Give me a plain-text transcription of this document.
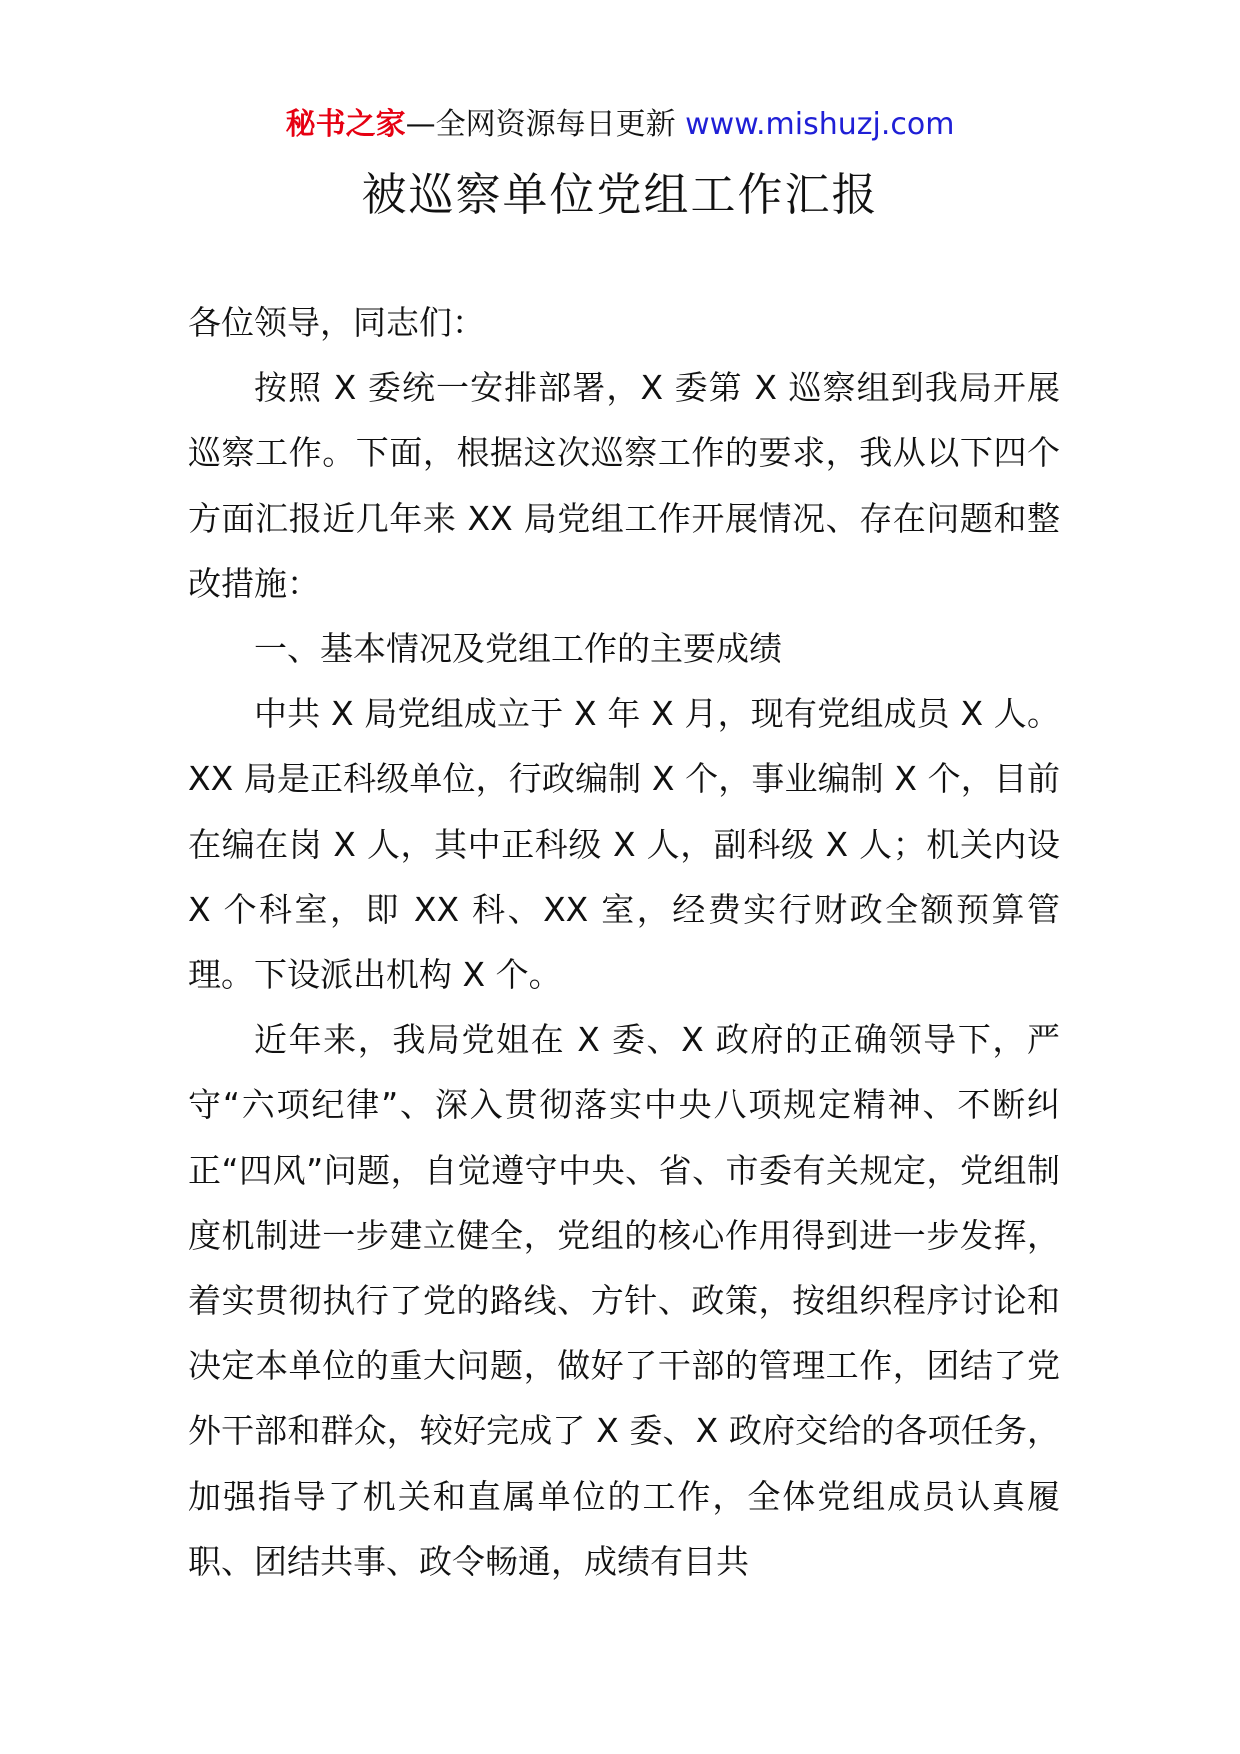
秘书之家—全网资源每日更新 www.mishuzj.com
被巡察单位党组工作汇报

各位领导，同志们：

按照 X 委统一安排部署，X 委第 X 巡察组到我局开展巡察工作。下面，根据这次巡察工作的要求，我从以下四个方面汇报近几年来 XX 局党组工作开展情况、存在问题和整改措施：

一、基本情况及党组工作的主要成绩

中共 X 局党组成立于 X 年 X 月，现有党组成员 X 人。XX 局是正科级单位，行政编制 X 个，事业编制 X 个，目前在编在岗 X 人，其中正科级 X 人，副科级 X 人；机关内设 X 个科室，即 XX 科、XX 室，经费实行财政全额预算管理。下设派出机构 X 个。

近年来，我局党姐在 X 委、X 政府的正确领导下，严守“六项纪律”、深入贯彻落实中央八项规定精神、不断纠正“四风”问题，自觉遵守中央、省、市委有关规定，党组制度机制进一步建立健全，党组的核心作用得到进一步发挥，着实贯彻执行了党的路线、方针、政策，按组织程序讨论和决定本单位的重大问题，做好了干部的管理工作，团结了党外干部和群众，较好完成了 X 委、X 政府交给的各项任务，加强指导了机关和直属单位的工作，全体党组成员认真履职、团结共事、政令畅通，成绩有目共
